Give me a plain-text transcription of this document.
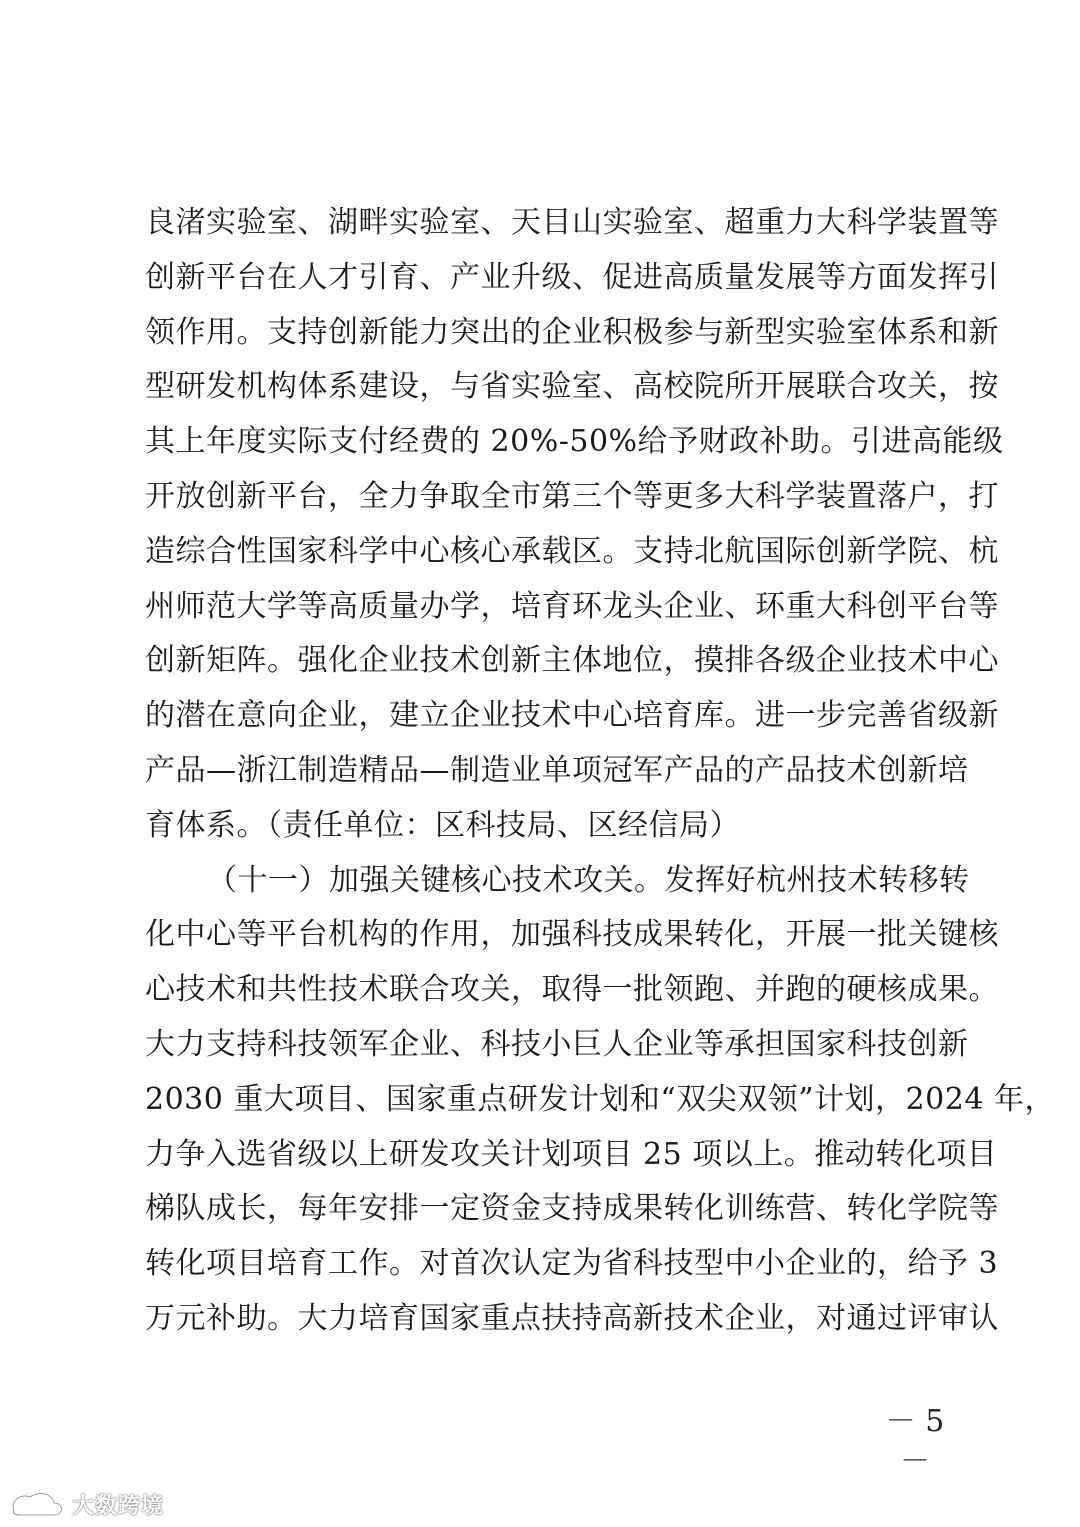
良渚实验室、湖畔实验室、天目山实验室、超重力大科学装置等
创新平台在人才引育、产业升级、促进高质量发展等方面发挥引
领作用。支持创新能力突出的企业积极参与新型实验室体系和新
型研发机构体系建设，与省实验室、高校院所开展联合攻关，按
其上年度实际支付经费的 20%-50%给予财政补助。引进高能级
开放创新平台，全力争取全市第三个等更多大科学装置落户，打
造综合性国家科学中心核心承载区。支持北航国际创新学院、杭
州师范大学等高质量办学，培育环龙头企业、环重大科创平台等
创新矩阵。强化企业技术创新主体地位，摸排各级企业技术中心
的潜在意向企业，建立企业技术中心培育库。进一步完善省级新
产品—浙江制造精品—制造业单项冠军产品的产品技术创新培
育体系。（责任单位：区科技局、区经信局）
（十一）加强关键核心技术攻关。发挥好杭州技术转移转
化中心等平台机构的作用，加强科技成果转化，开展一批关键核
心技术和共性技术联合攻关，取得一批领跑、并跑的硬核成果。
大力支持科技领军企业、科技小巨人企业等承担国家科技创新
2030 重大项目、国家重点研发计划和“双尖双领”计划，2024 年，
力争入选省级以上研发攻关计划项目 25 项以上。推动转化项目
梯队成长，每年安排一定资金支持成果转化训练营、转化学院等
转化项目培育工作。对首次认定为省科技型中小企业的，给予 3
万元补助。大力培育国家重点扶持高新技术企业，对通过评审认
－ 5 －
大数跨境
